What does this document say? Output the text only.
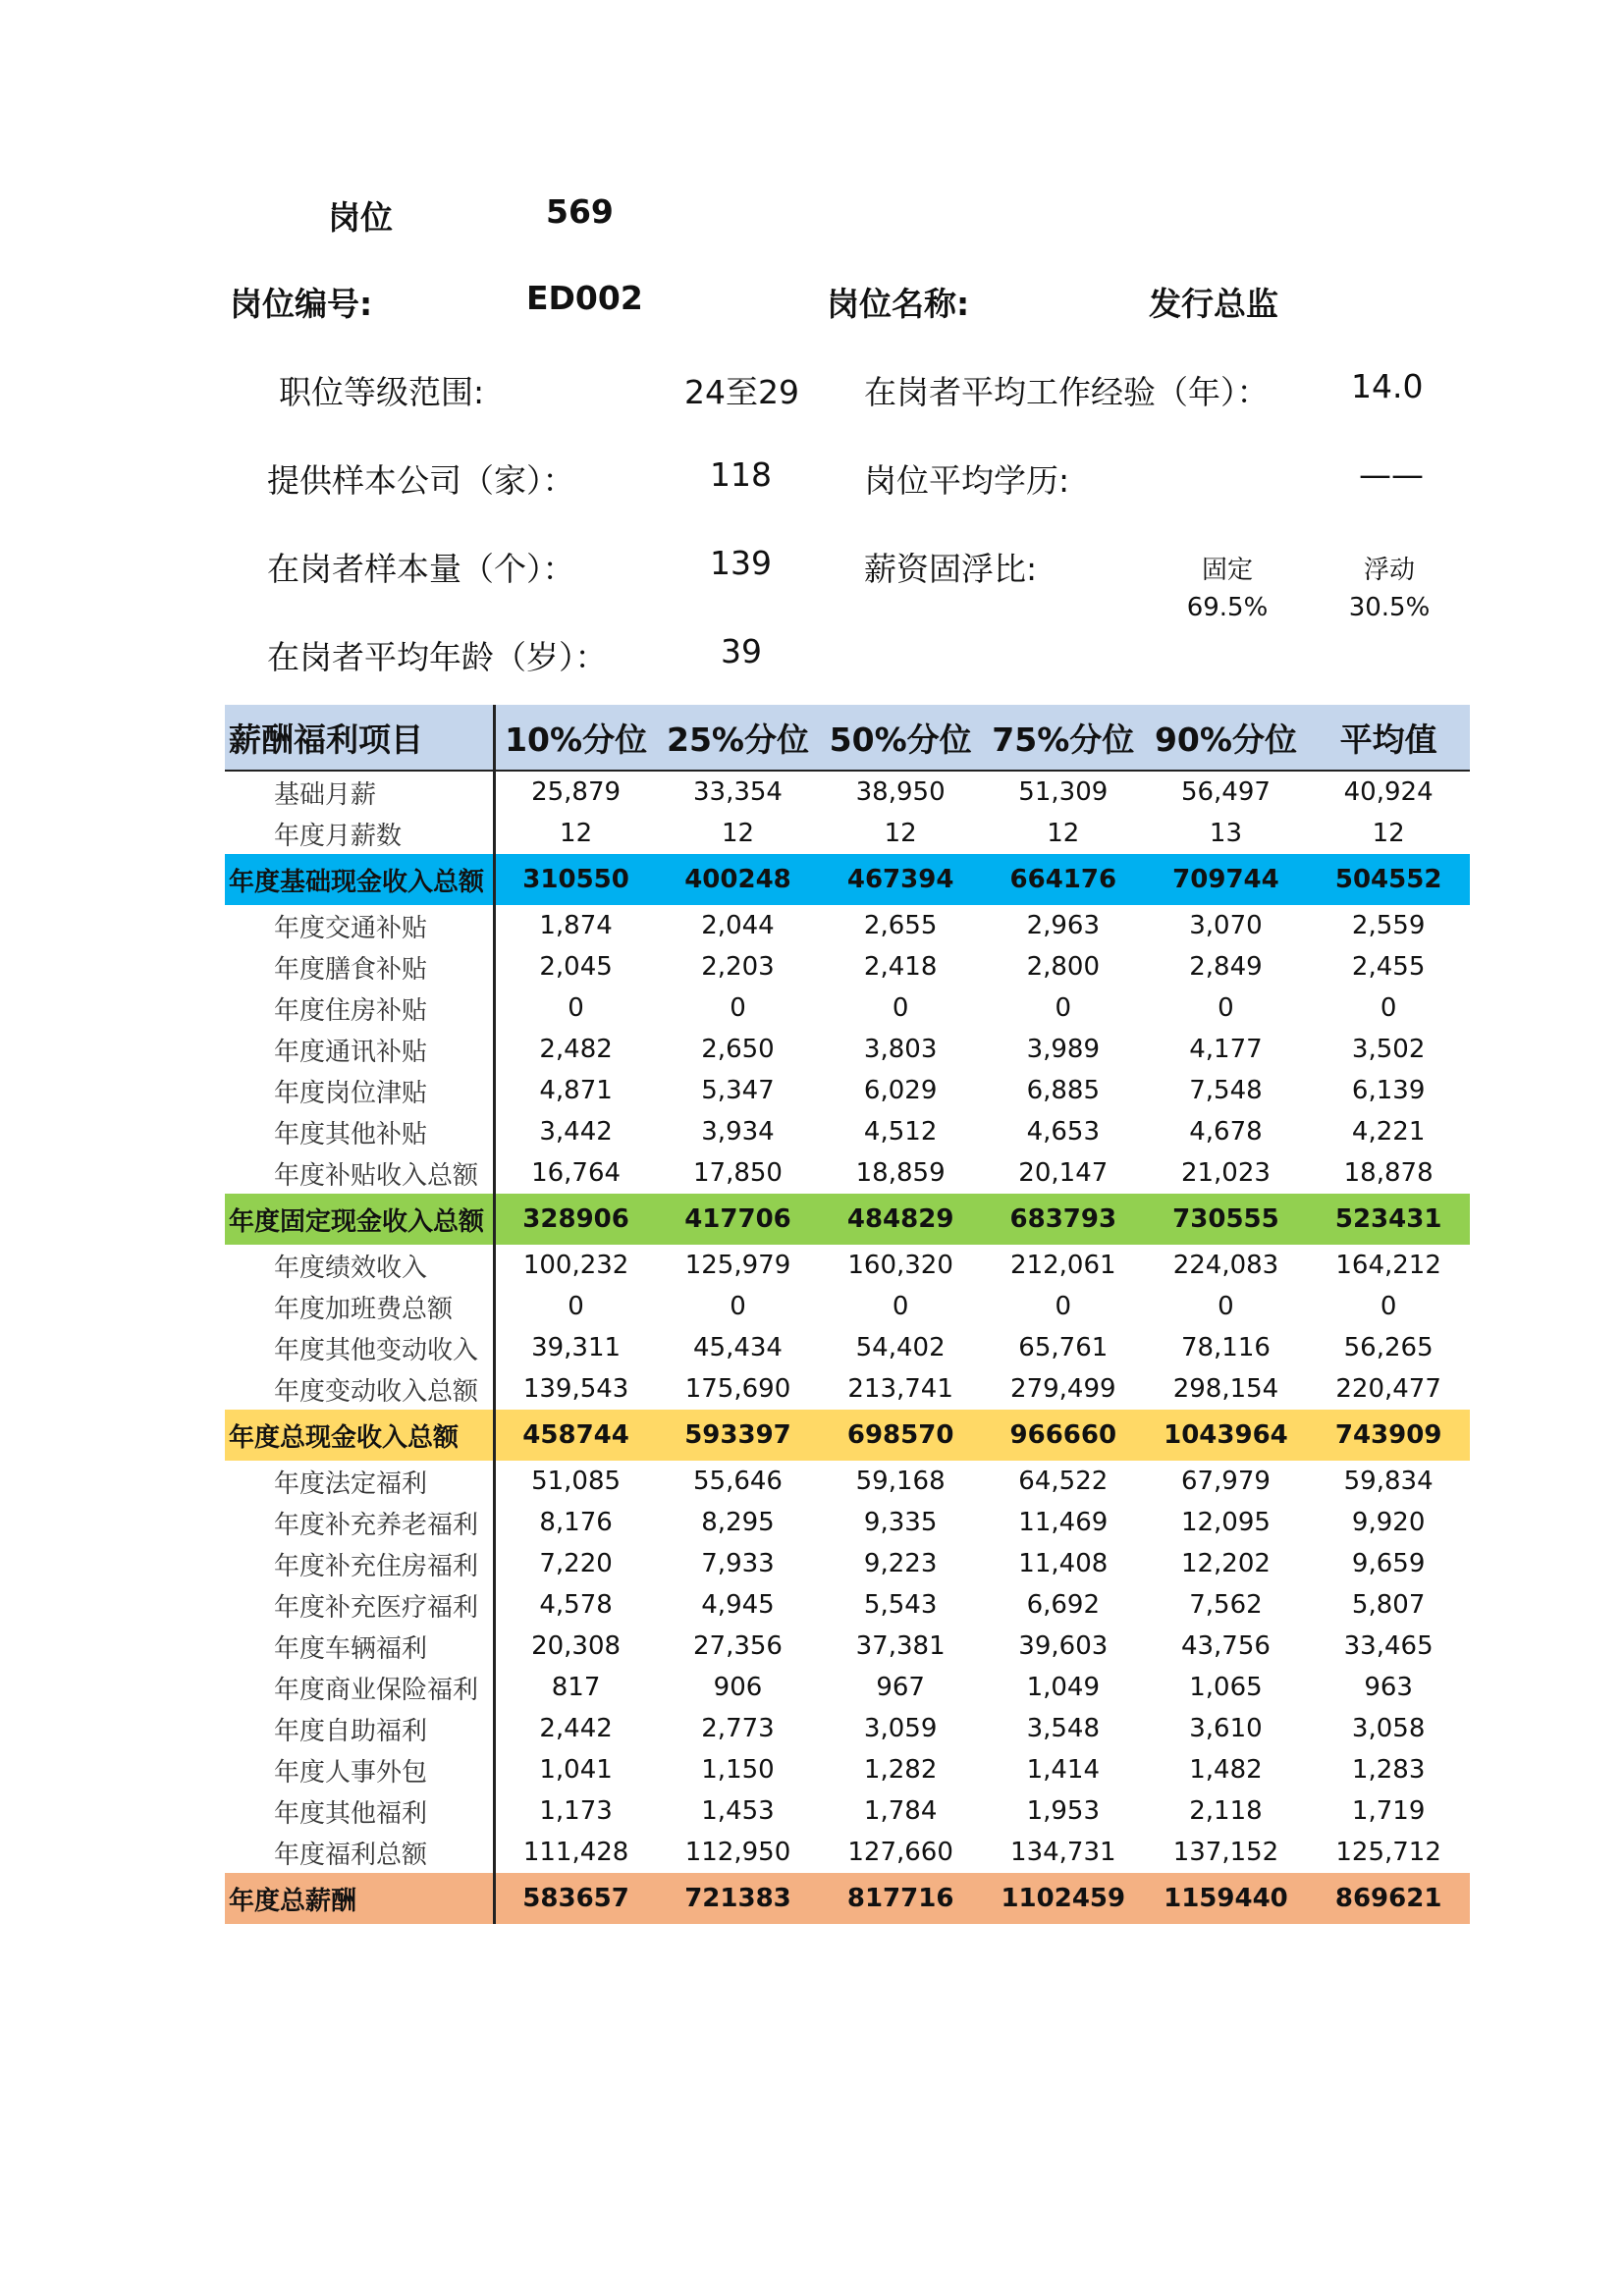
岗位	569
岗位编号:	ED002	岗位名称:	发行总监
职位等级范围:	24至29 在岗者平均工作经验（年）：	14.0
提供样本公司（家）：	118	岗位平均学历:	——
在岗者样本量（个）：	139	薪资固浮比:	固定	浮动
69.5%	30.5%
在岗者平均年龄（岁）：	39
薪酬福利项目	10%分位	25%分位	50%分位	75%分位	90%分位	平均值
基础月薪	25,879	33,354	38,950	51,309	56,497	40,924
年度月薪数	12	12	12	12	13	12
年度基础现金收入总额	310550	400248	467394	664176	709744	504552
年度交通补贴	1,874	2,044	2,655	2,963	3,070	2,559
年度膳食补贴	2,045	2,203	2,418	2,800	2,849	2,455
年度住房补贴	0	0	0	0	0	0
年度通讯补贴	2,482	2,650	3,803	3,989	4,177	3,502
年度岗位津贴	4,871	5,347	6,029	6,885	7,548	6,139
年度其他补贴	3,442	3,934	4,512	4,653	4,678	4,221
年度补贴收入总额	16,764	17,850	18,859	20,147	21,023	18,878
年度固定现金收入总额	328906	417706	484829	683793	730555	523431
年度绩效收入	100,232	125,979	160,320	212,061	224,083	164,212
年度加班费总额	0	0	0	0	0	0
年度其他变动收入	39,311	45,434	54,402	65,761	78,116	56,265
年度变动收入总额	139,543	175,690	213,741	279,499	298,154	220,477
年度总现金收入总额	458744	593397	698570	966660	1043964	743909
年度法定福利	51,085	55,646	59,168	64,522	67,979	59,834
年度补充养老福利	8,176	8,295	9,335	11,469	12,095	9,920
年度补充住房福利	7,220	7,933	9,223	11,408	12,202	9,659
年度补充医疗福利	4,578	4,945	5,543	6,692	7,562	5,807
年度车辆福利	20,308	27,356	37,381	39,603	43,756	33,465
年度商业保险福利	817	906	967	1,049	1,065	963
年度自助福利	2,442	2,773	3,059	3,548	3,610	3,058
年度人事外包	1,041	1,150	1,282	1,414	1,482	1,283
年度其他福利	1,173	1,453	1,784	1,953	2,118	1,719
年度福利总额	111,428	112,950	127,660	134,731	137,152	125,712
年度总薪酬	583657	721383	817716	1102459	1159440	869621
